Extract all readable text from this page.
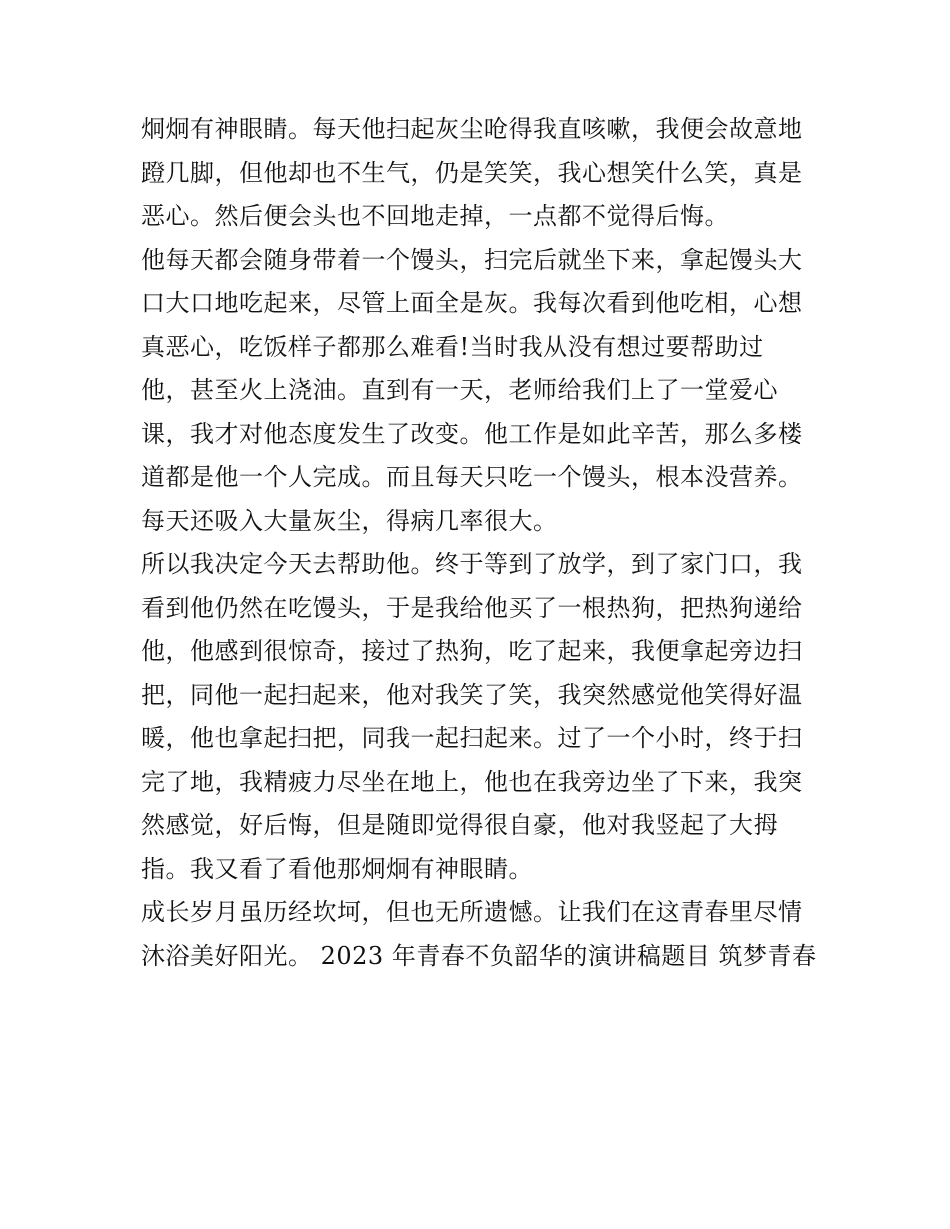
炯炯有神眼睛。每天他扫起灰尘呛得我直咳嗽，我便会故意地
蹬几脚，但他却也不生气，仍是笑笑，我心想笑什么笑，真是
恶心。然后便会头也不回地走掉，一点都不觉得后悔。
他每天都会随身带着一个馒头，扫完后就坐下来，拿起馒头大
口大口地吃起来，尽管上面全是灰。我每次看到他吃相，心想
真恶心，吃饭样子都那么难看!当时我从没有想过要帮助过
他，甚至火上浇油。直到有一天，老师给我们上了一堂爱心
课，我才对他态度发生了改变。他工作是如此辛苦，那么多楼
道都是他一个人完成。而且每天只吃一个馒头，根本没营养。
每天还吸入大量灰尘，得病几率很大。
所以我决定今天去帮助他。终于等到了放学，到了家门口，我
看到他仍然在吃馒头，于是我给他买了一根热狗，把热狗递给
他，他感到很惊奇，接过了热狗，吃了起来，我便拿起旁边扫
把，同他一起扫起来，他对我笑了笑，我突然感觉他笑得好温
暖，他也拿起扫把，同我一起扫起来。过了一个小时，终于扫
完了地，我精疲力尽坐在地上，他也在我旁边坐了下来，我突
然感觉，好后悔，但是随即觉得很自豪，他对我竖起了大拇
指。我又看了看他那炯炯有神眼睛。
成长岁月虽历经坎坷，但也无所遗憾。让我们在这青春里尽情
沐浴美好阳光。 2023 年青春不负韶华的演讲稿题目 筑梦青春
